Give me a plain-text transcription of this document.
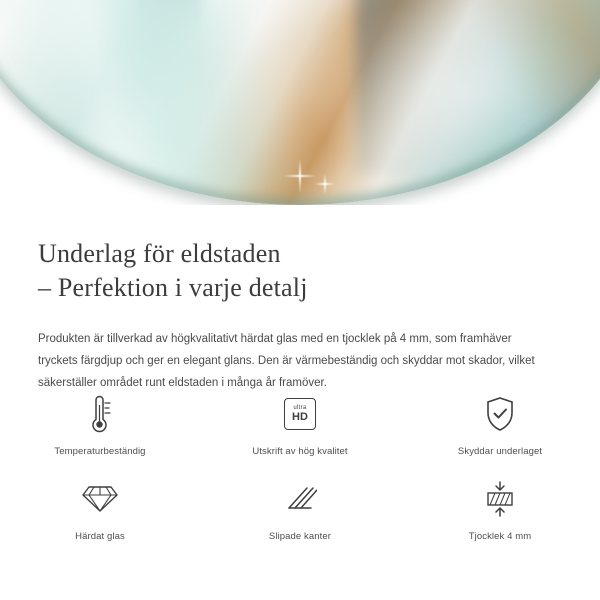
Underlag för eldstaden
– Perfektion i varje detalj

Produkten är tillverkad av högkvalitativt härdat glas med en tjocklek på 4 mm, som framhäver tryckets färgdjup och ger en elegant glans. Den är värmebeständig och skyddar mot skador, vilket säkerställer området runt eldstaden i många år framöver.

Temperaturbeständig
ultra
HD
Utskrift av hög kvalitet	Skyddar underlaget
Härdat glas	Slipade kanter	Tjocklek 4 mm
